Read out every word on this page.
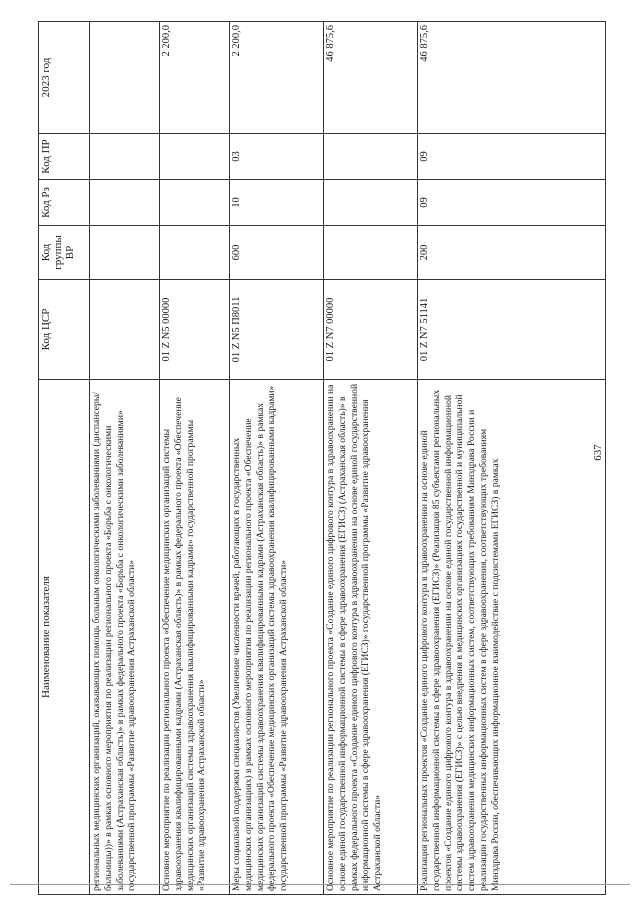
637
Наименование показателя	Код ЦСР	Код группы ВР	Код Рз	Код ПР	2023 год
региональных медицинских организаций, оказывающих помощь больным онкологическими заболеваниями (диспансеры/больницы))» в рамках основного мероприятия по реализации регионального проекта «Борьба с онкологическими заболеваниями (Астраханская область)» в рамках федерального проекта «Борьба с онкологическими заболеваниями» государственной программы «Развитие здравоохранения Астраханской области»					
Основное мероприятие по реализации регионального проекта «Обеспечение медицинских организаций системы здравоохранения квалифицированными кадрами (Астраханская область)» в рамках федерального проекта «Обеспечение медицинских организаций системы здравоохранения квалифицированными кадрами» государственной программы «Развитие здравоохранения Астраханской области»	01 Z N5 00000				2 200,0
Меры социальной поддержки специалистов (Увеличение численности врачей, работающих в государственных медицинских организациях) в рамках основного мероприятия по реализации регионального проекта «Обеспечение медицинских организаций системы здравоохранения квалифицированными кадрами (Астраханская область)» в рамках федерального проекта «Обеспечение медицинских организаций системы здравоохранения квалифицированными кадрами» государственной программы «Развитие здравоохранения Астраханской области»	01 Z N5 П8011	600	10	03	2 200,0
Основное мероприятие по реализации регионального проекта «Создание единого цифрового контура в здравоохранении на основе единой государственной информационной системы в сфере здравоохранения (ЕГИСЗ) (Астраханская область)» в рамках федерального проекта «Создание единого цифрового контура в здравоохранении на основе единой государственной информационной системы в сфере здравоохранения (ЕГИСЗ)» государственной программы «Развитие здравоохранения Астраханской области»	01 Z N7 00000				46 875,6
Реализация региональных проектов «Создание единого цифрового контура в здравоохранении на основе единой государственной информационной системы в сфере здравоохранения (ЕГИСЗ)» (Реализация 85 субъектами региональных проектов «Создание единого цифрового контура в здравоохранении на основе единой государственной информационной системы здравоохранения (ЕГИСЗ)» с целью внедрения в медицинских организациях государственной и муниципальной систем здравоохранения медицинских информационных систем, соответствующих требованиям Минздрава России и реализации государственных информационных систем в сфере здравоохранения, соответствующих требованиям Минздрава России, обеспечивающих информационное взаимодействие с подсистемами ЕГИСЗ) в рамках	01 Z N7 51141	200	09	09	46 875,6
